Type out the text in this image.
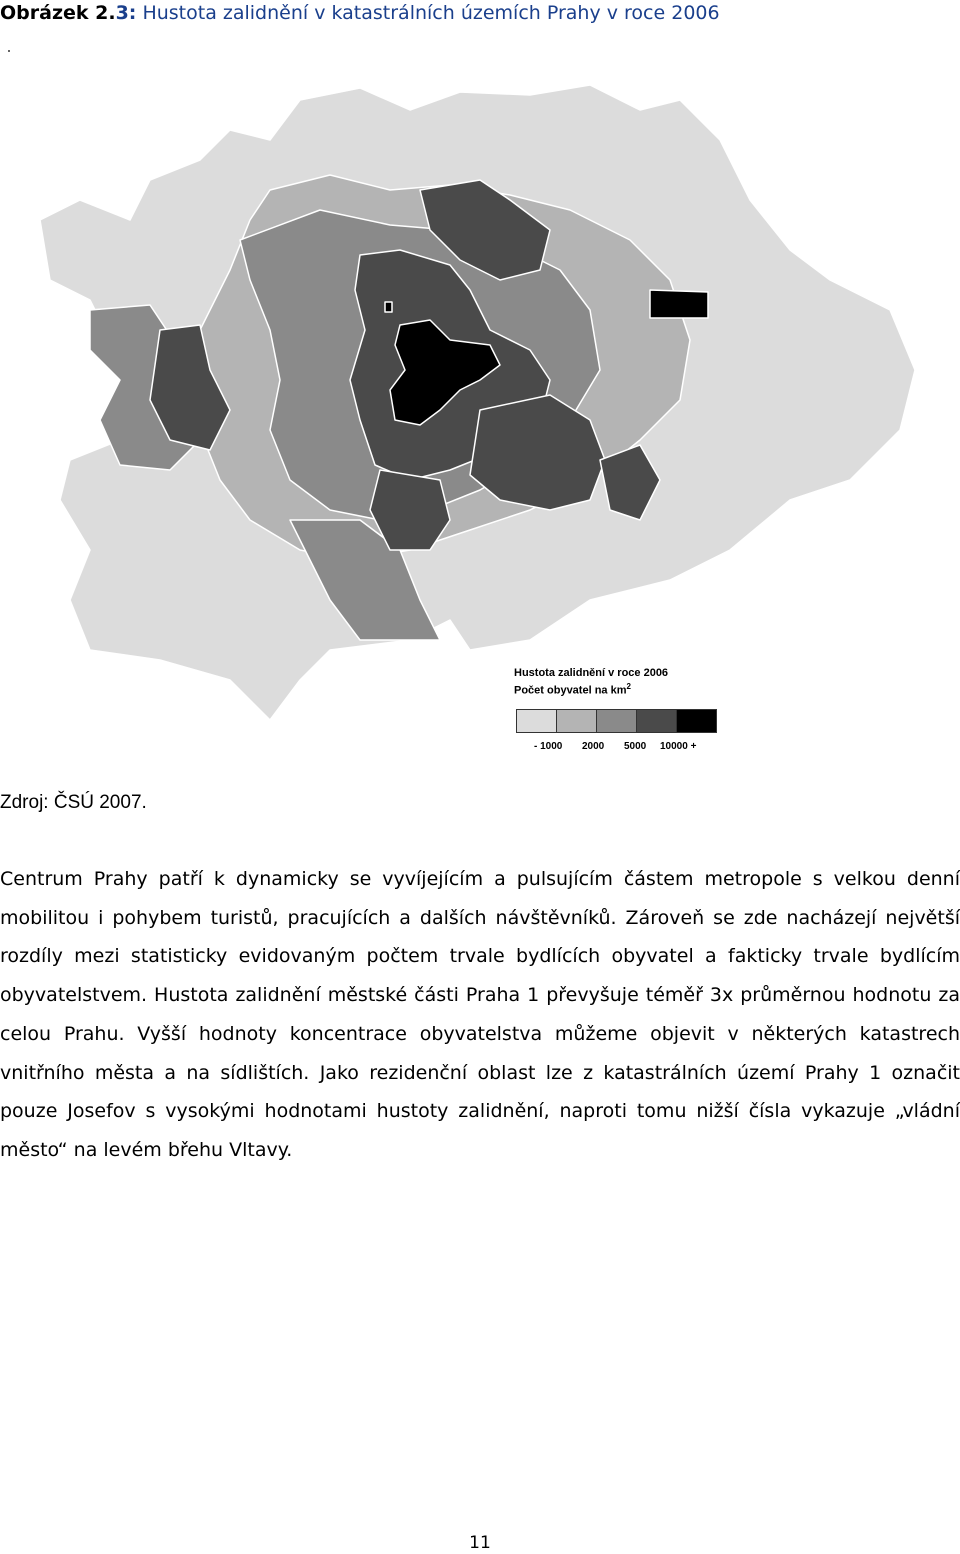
Obrázek 2.3: Hustota zalidnění v katastrálních územích Prahy v roce 2006
Hustota zalidnění v roce 2006
Počet obyvatel na $km^2$
- 1000 2000 5000 10000 +
Zdroj: ČSÚ 2007.

Centrum Prahy patří k dynamicky se vyvíjejícím a pulsujícím částem metropole s velkou denní mobilitou i pohybem turistů, pracujících a dalších návštěvníků. Zároveň se zde nacházejí největší rozdíly mezi statisticky evidovaným počtem trvale bydlících obyvatel a fakticky trvale bydlícím obyvatelstvem. Hustota zalidnění městské části Praha 1 převyšuje téměř 3x průměrnou hodnotu za celou Prahu. Vyšší hodnoty koncentrace obyvatelstva můžeme objevit v některých katastrech vnitřního města a na sídlištích. Jako rezidenční oblast lze z katastrálních území Prahy 1 označit pouze Josefov s vysokými hodnotami hustoty zalidnění, naproti tomu nižší čísla vykazuje „vládní město“ na levém břehu Vltavy.

11
